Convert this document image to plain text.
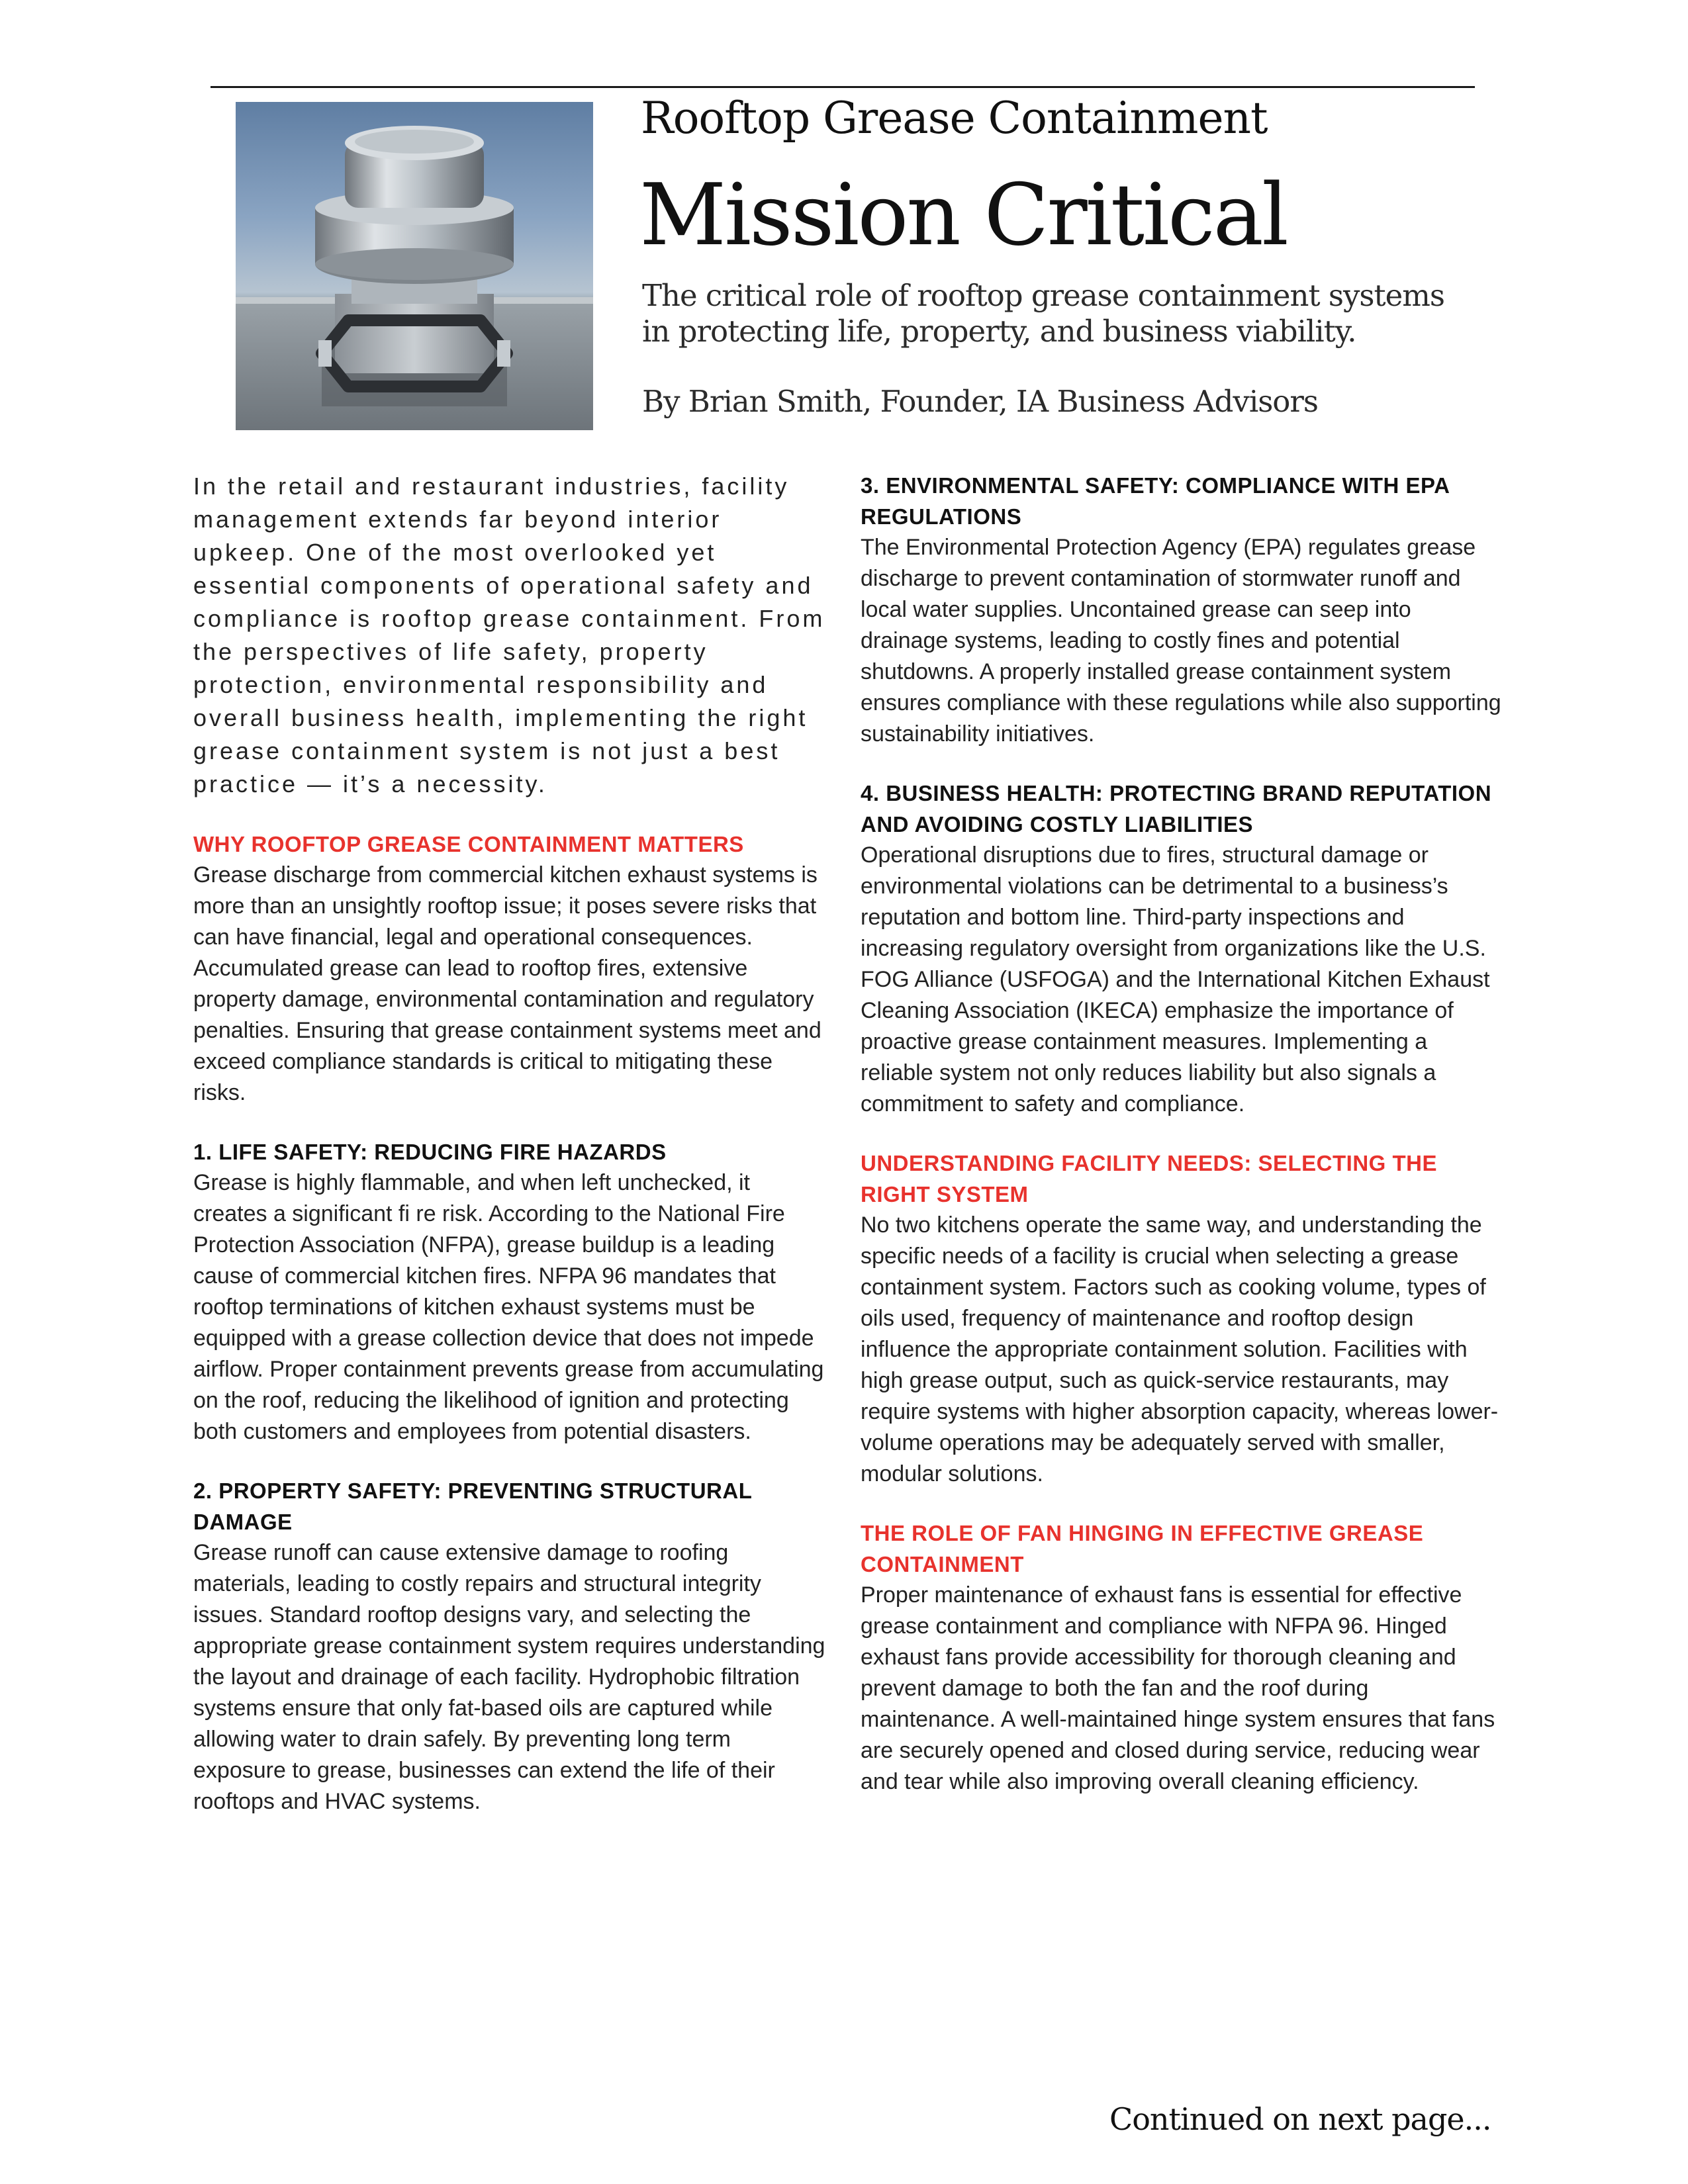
Rooftop Grease Containment
Mission Critical
The critical role of rooftop grease containment systems in protecting life, property, and business viability.
By Brian Smith, Founder, IA Business Advisors

In the retail and restaurant industries, facility management extends far beyond interior upkeep. One of the most overlooked yet essential components of operational safety and compliance is rooftop grease containment. From the perspectives of life safety, property protection, environmental responsibility and overall business health, implementing the right grease containment system is not just a best practice — it’s a necessity.

WHY ROOFTOP GREASE CONTAINMENT MATTERS

Grease discharge from commercial kitchen exhaust systems is more than an unsightly rooftop issue; it poses severe risks that can have financial, legal and operational consequences. Accumulated grease can lead to rooftop fires, extensive property damage, environmental contamination and regulatory penalties. Ensuring that grease containment systems meet and exceed compliance standards is critical to mitigating these risks.

1. LIFE SAFETY: REDUCING FIRE HAZARDS

Grease is highly flammable, and when left unchecked, it creates a significant fi re risk. According to the National Fire Protection Association (NFPA), grease buildup is a leading cause of commercial kitchen fires. NFPA 96 mandates that rooftop terminations of kitchen exhaust systems must be equipped with a grease collection device that does not impede airflow. Proper containment prevents grease from accumulating on the roof, reducing the likelihood of ignition and protecting both customers and employees from potential disasters.

2. PROPERTY SAFETY: PREVENTING STRUCTURAL DAMAGE

Grease runoff can cause extensive damage to roofing materials, leading to costly repairs and structural integrity issues. Standard rooftop designs vary, and selecting the appropriate grease containment system requires understanding the layout and drainage of each facility. Hydrophobic filtration systems ensure that only fat-based oils are captured while allowing water to drain safely. By preventing long term exposure to grease, businesses can extend the life of their rooftops and HVAC systems.

3. ENVIRONMENTAL SAFETY: COMPLIANCE WITH EPA REGULATIONS

The Environmental Protection Agency (EPA) regulates grease discharge to prevent contamination of stormwater runoff and local water supplies. Uncontained grease can seep into drainage systems, leading to costly fines and potential shutdowns. A properly installed grease containment system ensures compliance with these regulations while also supporting sustainability initiatives.

4. BUSINESS HEALTH: PROTECTING BRAND REPUTATION AND AVOIDING COSTLY LIABILITIES

Operational disruptions due to fires, structural damage or environmental violations can be detrimental to a business’s reputation and bottom line. Third-party inspections and increasing regulatory oversight from organizations like the U.S. FOG Alliance (USFOGA) and the International Kitchen Exhaust Cleaning Association (IKECA) emphasize the importance of proactive grease containment measures. Implementing a reliable system not only reduces liability but also signals a commitment to safety and compliance.

UNDERSTANDING FACILITY NEEDS: SELECTING THE RIGHT SYSTEM

No two kitchens operate the same way, and understanding the specific needs of a facility is crucial when selecting a grease containment system. Factors such as cooking volume, types of oils used, frequency of maintenance and rooftop design influence the appropriate containment solution. Facilities with high grease output, such as quick-service restaurants, may require systems with higher absorption capacity, whereas lower-volume operations may be adequately served with smaller, modular solutions.

THE ROLE OF FAN HINGING IN EFFECTIVE GREASE CONTAINMENT

Proper maintenance of exhaust fans is essential for effective grease containment and compliance with NFPA 96. Hinged exhaust fans provide accessibility for thorough cleaning and prevent damage to both the fan and the roof during maintenance. A well-maintained hinge system ensures that fans are securely opened and closed during service, reducing wear and tear while also improving overall cleaning efficiency.

Continued on next page...
